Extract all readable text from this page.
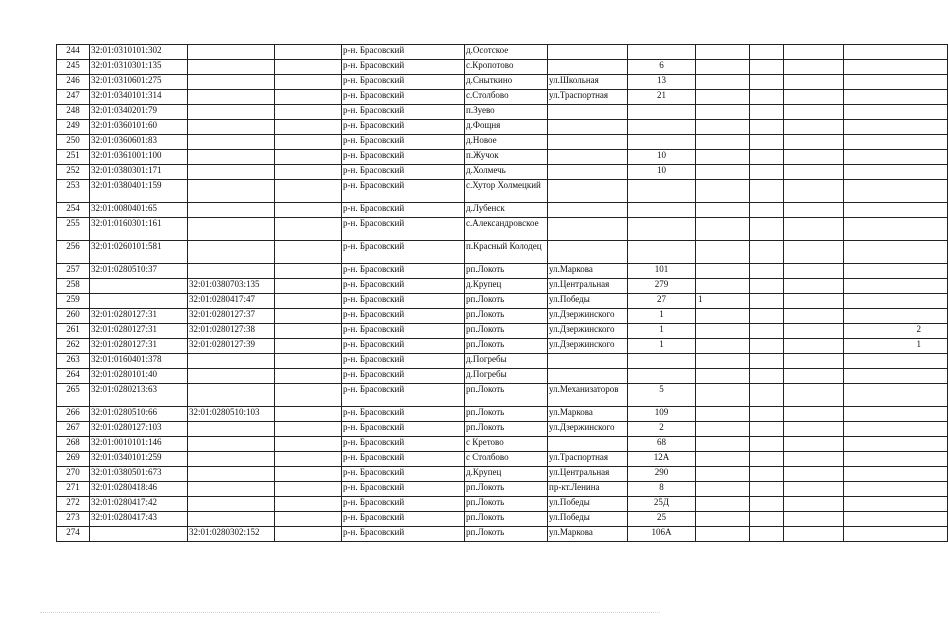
244	32:01:0310101:302			р-н. Брасовский	д.Осотское						
245	32:01:0310301:135			р-н. Брасовский	с.Кропотово		6				
246	32:01:0310601:275			р-н. Брасовский	д.Сныткино	ул.Школьная	13				
247	32:01:0340101:314			р-н. Брасовский	с.Столбово	ул.Траспортная	21				
248	32:01:0340201:79			р-н. Брасовский	п.Зуево						
249	32:01:0360101:60			р-н. Брасовский	д.Фощня						
250	32:01:0360601:83			р-н. Брасовский	д.Новое						
251	32:01:0361001:100			р-н. Брасовский	п.Жучок		10				
252	32:01:0380301:171			р-н. Брасовский	д.Холмечь		10				
253	32:01:0380401:159			р-н. Брасовский	с.Хутор Холмецкий						
254	32:01:0080401:65			р-н. Брасовский	д.Лубенск						
255	32:01:0160301:161			р-н. Брасовский	с.Александровское						
256	32:01:0260101:581			р-н. Брасовский	п.Красный Колодец						
257	32:01:0280510:37			р-н. Брасовский	рп.Локоть	ул.Маркова	101				
258		32:01:0380703:135		р-н. Брасовский	д.Крупец	ул.Центральная	279				
259		32:01:0280417:47		р-н. Брасовский	рп.Локоть	ул.Победы	27	1			
260	32:01:0280127:31	32:01:0280127:37		р-н. Брасовский	рп.Локоть	ул.Дзержинского	1				
261	32:01:0280127:31	32:01:0280127:38		р-н. Брасовский	рп.Локоть	ул.Дзержинского	1				2
262	32:01:0280127:31	32:01:0280127:39		р-н. Брасовский	рп.Локоть	ул.Дзержинского	1				1
263	32:01:0160401:378			р-н. Брасовский	д.Погребы						
264	32:01:0280101:40			р-н. Брасовский	д.Погребы						
265	32:01:0280213:63			р-н. Брасовский	рп.Локоть	ул.Механизаторов	5				
266	32:01:0280510:66	32:01:0280510:103		р-н. Брасовский	рп.Локоть	ул.Маркова	109				
267	32:01:0280127:103			р-н. Брасовский	рп.Локоть	ул.Дзержинского	2				
268	32:01:0010101:146			р-н. Брасовский	с Кретово		68				
269	32:01:0340101:259			р-н. Брасовский	с Столбово	ул.Траспортная	12А				
270	32:01:0380501:673			р-н. Брасовский	д.Крупец	ул.Центральная	290				
271	32:01:0280418:46			р-н. Брасовский	рп.Локоть	пр-кт.Ленина	8				
272	32:01:0280417:42			р-н. Брасовский	рп.Локоть	ул.Победы	25Д				
273	32:01:0280417:43			р-н. Брасовский	рп.Локоть	ул.Победы	25				
274		32:01:0280302:152		р-н. Брасовский	рп.Локоть	ул.Маркова	106А				
